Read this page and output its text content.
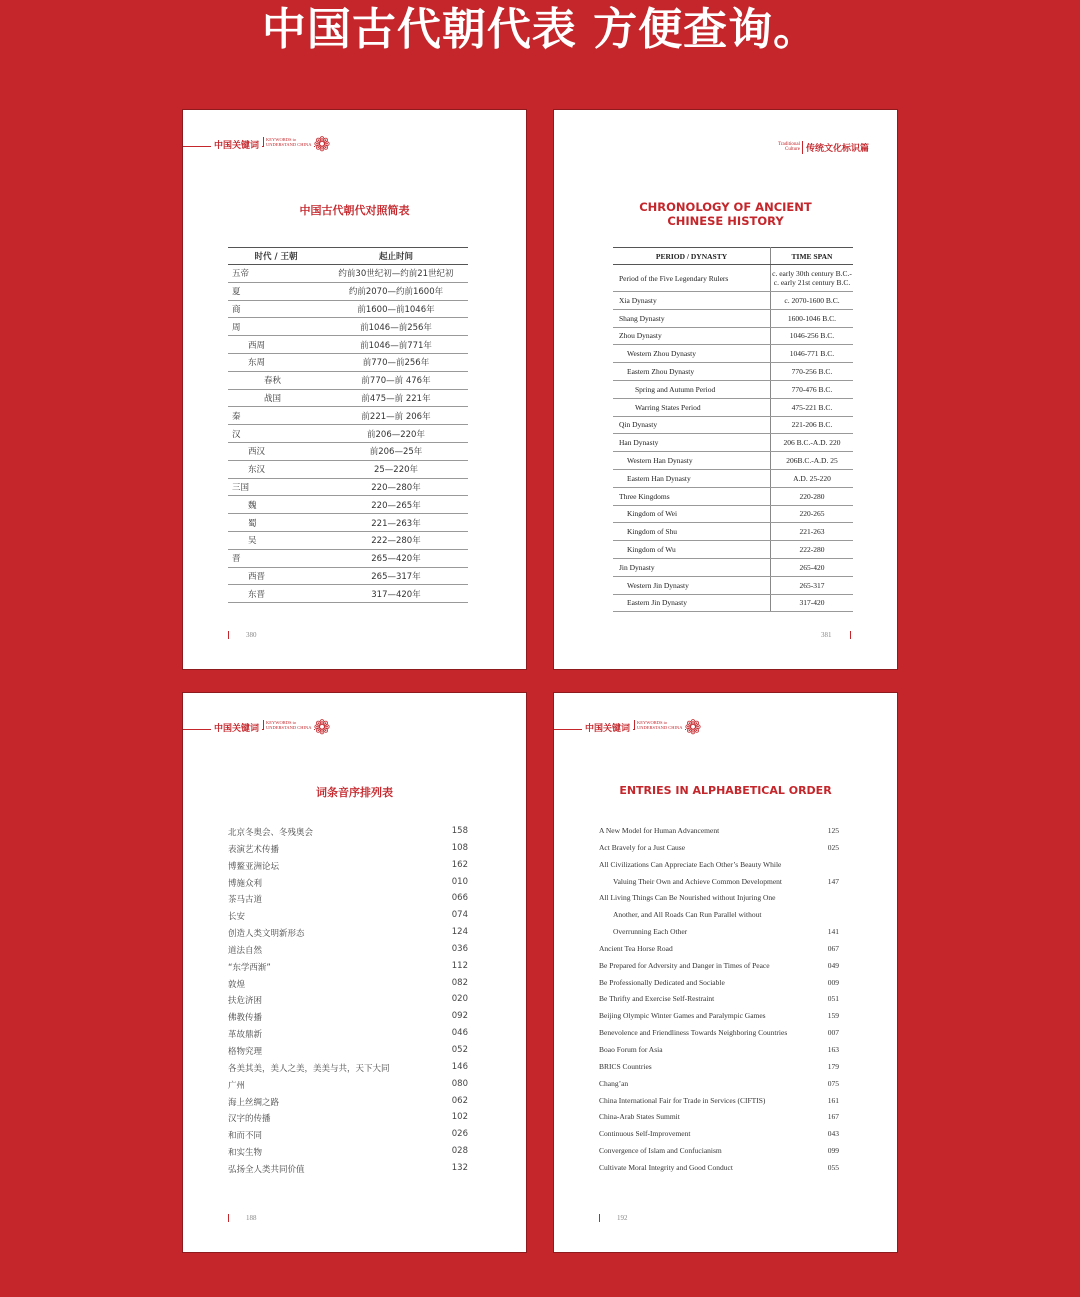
中国古代朝代表 方便查询。
中国关键词
KEYWORDS to
UNDERSTAND CHINA ❁
中国古代朝代对照简表
时代 / 王朝	起止时间
五帝	约前30世纪初—约前21世纪初
夏	约前2070—约前1600年
商	前1600—前1046年
周	前1046—前256年
西周	前1046—前771年
东周	前770—前256年
春秋	前770—前 476年
战国	前475—前 221年
秦	前221—前 206年
汉	前206—220年
西汉	前206—25年
东汉	25—220年
三国	220—280年
魏	220—265年
蜀	221—263年
吴	222—280年
晋	265—420年
西晋	265—317年
东晋	317—420年
380
Traditional
Culture 传统文化标识篇
CHRONOLOGY OF ANCIENT
CHINESE HISTORY
PERIOD / DYNASTY	TIME SPAN
Period of the Five Legendary Rulers	c. early 30th century B.C.-
c. early 21st century B.C.
Xia Dynasty	c. 2070-1600 B.C.
Shang Dynasty	1600-1046 B.C.
Zhou Dynasty	1046-256 B.C.
Western Zhou Dynasty	1046-771 B.C.
Eastern Zhou Dynasty	770-256 B.C.
Spring and Autumn Period	770-476 B.C.
Warring States Period	475-221 B.C.
Qin Dynasty	221-206 B.C.
Han Dynasty	206 B.C.-A.D. 220
Western Han Dynasty	206B.C.-A.D. 25
Eastern Han Dynasty	A.D. 25-220
Three Kingdoms	220-280
Kingdom of Wei	220-265
Kingdom of Shu	221-263
Kingdom of Wu	222-280
Jin Dynasty	265-420
Western Jin Dynasty	265-317
Eastern Jin Dynasty	317-420
381
中国关键词
KEYWORDS to
UNDERSTAND CHINA ❁
词条音序排列表
北京冬奥会、冬残奥会	158
表演艺术传播	108
博鳌亚洲论坛	162
博施众利	010
茶马古道	066
长安	074
创造人类文明新形态	124
道法自然	036
“东学西渐”	112
敦煌	082
扶危济困	020
佛教传播	092
革故鼎新	046
格物究理	052
各美其美，美人之美，美美与共，天下大同	146
广州	080
海上丝绸之路	062
汉字的传播	102
和而不同	026
和实生物	028
弘扬全人类共同价值	132
188
中国关键词
KEYWORDS to
UNDERSTAND CHINA ❁
ENTRIES IN ALPHABETICAL ORDER
A New Model for Human Advancement	125
Act Bravely for a Just Cause	025
All Civilizations Can Appreciate Each Other’s Beauty While
Valuing Their Own and Achieve Common Development	147
All Living Things Can Be Nourished without Injuring One
Another, and All Roads Can Run Parallel without
Overrunning Each Other	141
Ancient Tea Horse Road	067
Be Prepared for Adversity and Danger in Times of Peace	049
Be Professionally Dedicated and Sociable	009
Be Thrifty and Exercise Self-Restraint	051
Beijing Olympic Winter Games and Paralympic Games	159
Benevolence and Friendliness Towards Neighboring Countries	007
Boao Forum for Asia	163
BRICS Countries	179
Chang’an	075
China International Fair for Trade in Services (CIFTIS)	161
China-Arab States Summit	167
Continuous Self-Improvement	043
Convergence of Islam and Confucianism	099
Cultivate Moral Integrity and Good Conduct	055
192
